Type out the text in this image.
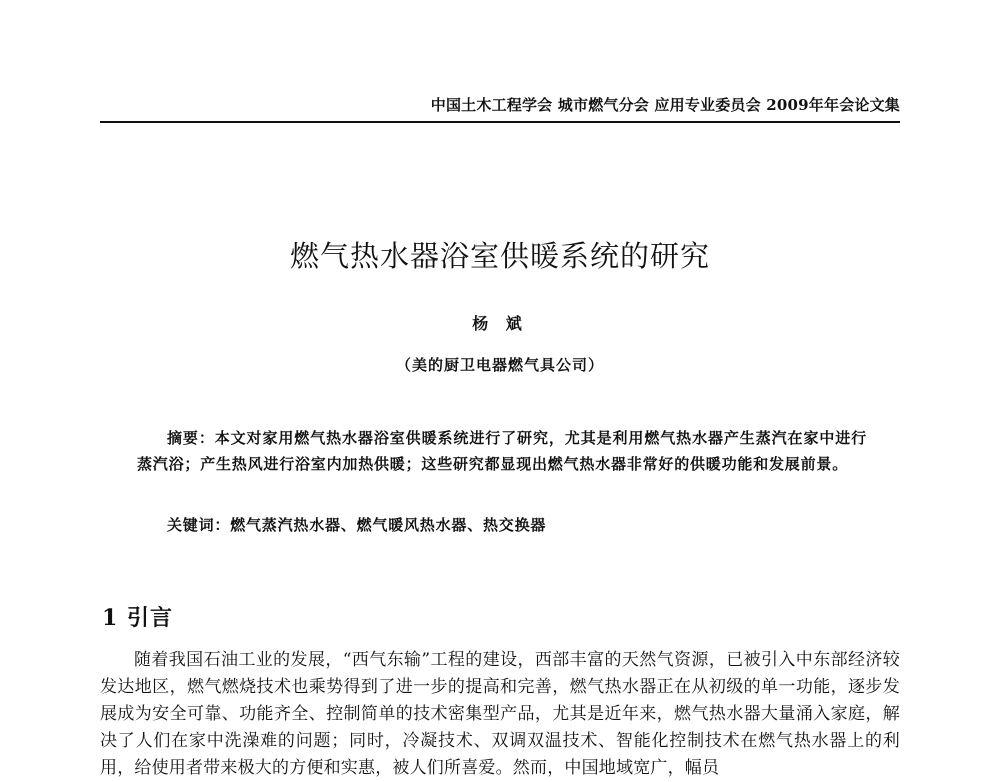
中国土木工程学会 城市燃气分会 应用专业委员会 2009年年会论文集
燃气热水器浴室供暖系统的研究
杨 斌
（美的厨卫电器燃气具公司）

摘要：本文对家用燃气热水器浴室供暖系统进行了研究，尤其是利用燃气热水器产生蒸汽在家中进行蒸汽浴；产生热风进行浴室内加热供暖；这些研究都显现出燃气热水器非常好的供暖功能和发展前景。

关键词：燃气蒸汽热水器、燃气暖风热水器、热交换器

1 引言

随着我国石油工业的发展，“西气东输”工程的建设，西部丰富的天然气资源，已被引入中东部经济较发达地区，燃气燃烧技术也乘势得到了进一步的提高和完善，燃气热水器正在从初级的单一功能，逐步发展成为安全可靠、功能齐全、控制简单的技术密集型产品，尤其是近年来，燃气热水器大量涌入家庭，解决了人们在家中洗澡难的问题；同时，冷凝技术、双调双温技术、智能化控制技术在燃气热水器上的利用，给使用者带来极大的方便和实惠，被人们所喜爱。然而，中国地域宽广，幅员
